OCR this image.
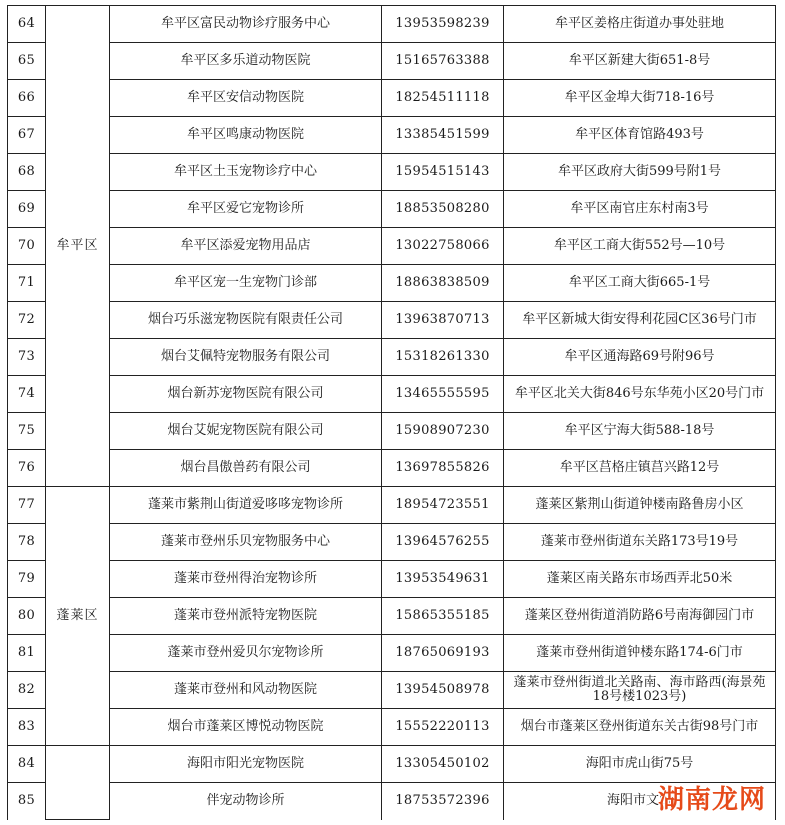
64	牟平区	牟平区富民动物诊疗服务中心	13953598239	牟平区姜格庄街道办事处驻地
65		牟平区多乐道动物医院	15165763388	牟平区新建大街651-8号
66		牟平区安信动物医院	18254511118	牟平区金埠大街718-16号
67		牟平区鸣康动物医院	13385451599	牟平区体育馆路493号
68		牟平区土玉宠物诊疗中心	15954515143	牟平区政府大街599号附1号
69		牟平区爱它宠物诊所	18853508280	牟平区南官庄东村南3号
70		牟平区添爱宠物用品店	13022758066	牟平区工商大街552号—10号
71		牟平区宠一生宠物门诊部	18863838509	牟平区工商大街665-1号
72		烟台巧乐滋宠物医院有限责任公司	13963870713	牟平区新城大街安得利花园C区36号门市
73		烟台艾佩特宠物服务有限公司	15318261330	牟平区通海路69号附96号
74		烟台新苏宠物医院有限公司	13465555595	牟平区北关大街846号东华苑小区20号门市
75		烟台艾妮宠物医院有限公司	15908907230	牟平区宁海大街588-18号
76		烟台昌傲兽药有限公司	13697855826	牟平区莒格庄镇莒兴路12号
77	蓬莱区	蓬莱市紫荆山街道爱哆哆宠物诊所	18954723551	蓬莱区紫荆山街道钟楼南路鲁房小区
78		蓬莱市登州乐贝宠物服务中心	13964576255	蓬莱市登州街道东关路173号19号
79		蓬莱市登州得治宠物诊所	13953549631	蓬莱区南关路东市场西弄北50米
80		蓬莱市登州派特宠物医院	15865355185	蓬莱区登州街道消防路6号南海御园门市
81		蓬莱市登州爱贝尔宠物诊所	18765069193	蓬莱市登州街道钟楼东路174-6门市
82		蓬莱市登州和风动物医院	13954508978	蓬莱市登州街道北关路南、海市路西(海景苑18号楼1023号)
83		烟台市蓬莱区博悦动物医院	15552220113	烟台市蓬莱区登州街道东关古街98号门市
84		海阳市阳光宠物医院	13305450102	海阳市虎山街75号
85		伴宠动物诊所	18753572396	海阳市文山
湖南龙网
